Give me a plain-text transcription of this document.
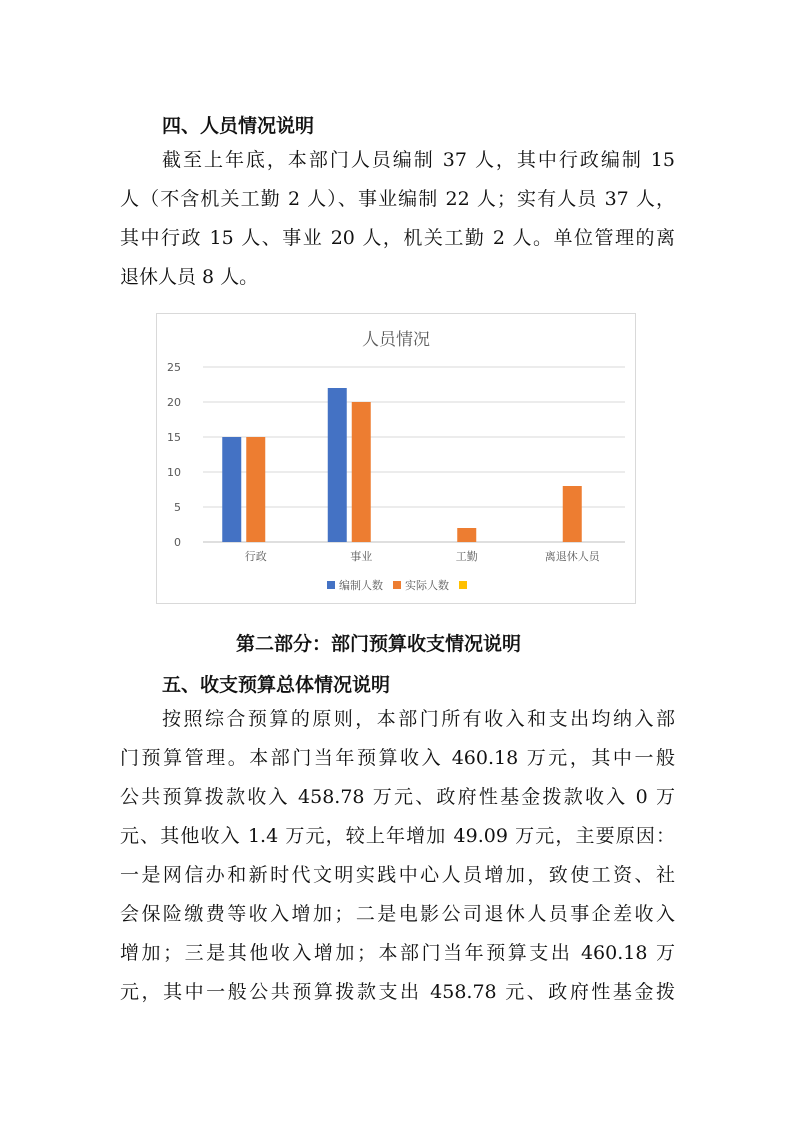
四、人员情况说明
截至上年底，本部门人员编制 37 人，其中行政编制 15
人（不含机关工勤 2 人）、事业编制 22 人；实有人员 37 人，
其中行政 15 人、事业 20 人，机关工勤 2 人。单位管理的离
退休人员 8 人。
人员情况
0
5
10
15
20
25
行政	事业	工勤	离退休人员
编制人数 实际人数
第二部分：部门预算收支情况说明
五、收支预算总体情况说明
按照综合预算的原则，本部门所有收入和支出均纳入部
门预算管理。本部门当年预算收入 460.18 万元，其中一般
公共预算拨款收入 458.78 万元、政府性基金拨款收入 0 万
元、其他收入 1.4 万元，较上年增加 49.09 万元，主要原因：
一是网信办和新时代文明实践中心人员增加，致使工资、社
会保险缴费等收入增加；二是电影公司退休人员事企差收入
增加；三是其他收入增加；本部门当年预算支出 460.18 万
元，其中一般公共预算拨款支出 458.78 元、政府性基金拨
